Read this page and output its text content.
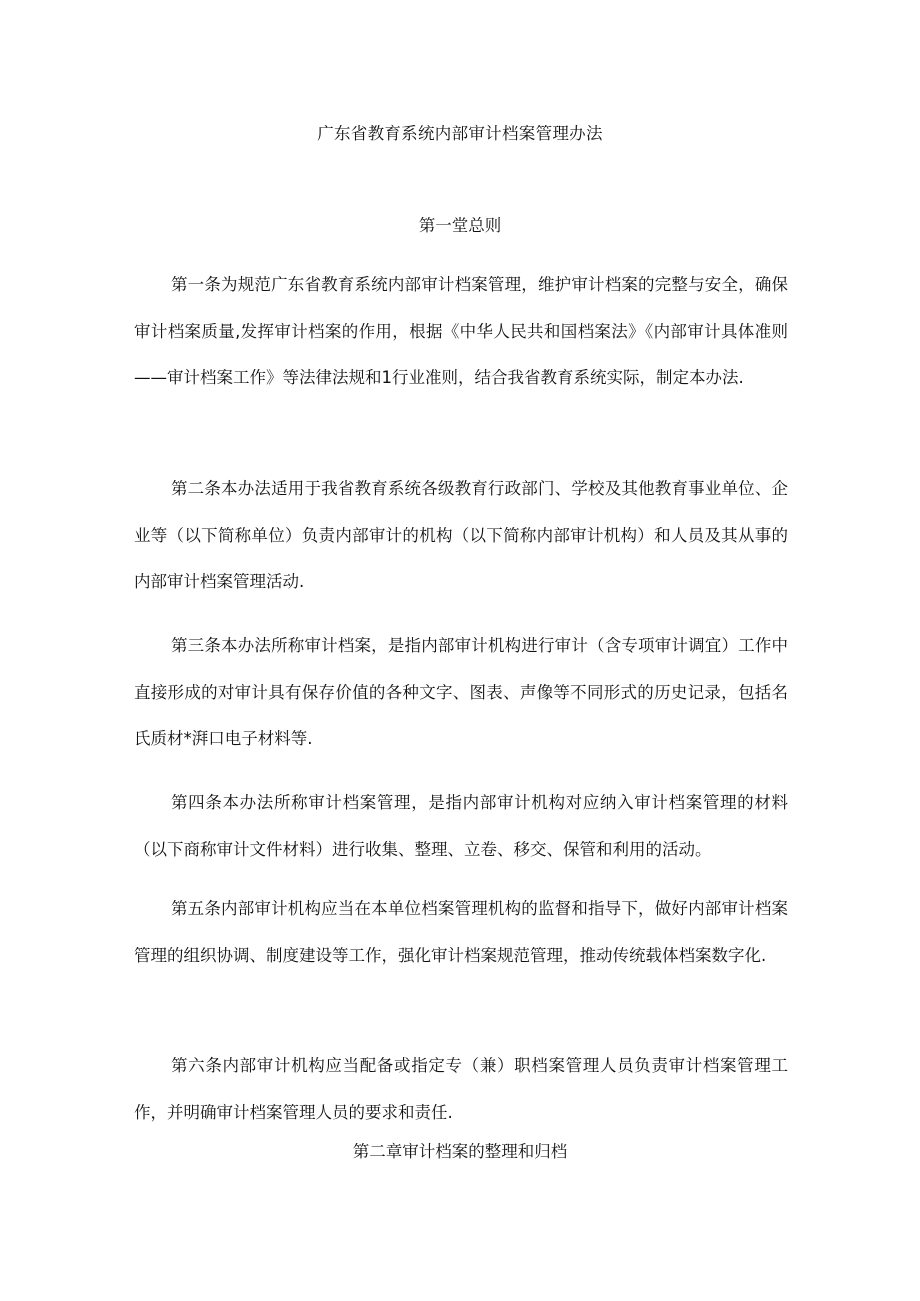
广东省教育系统内部审计档案管理办法
第一堂总则

第一条为规范广东省教育系统内部审计档案管理，维护审计档案的完整与安全，确保审计档案质量,发挥审计档案的作用，根据《中华人民共和国档案法》《内部审计具体准则——审计档案工作》等法律法规和1行业准则，结合我省教育系统实际，制定本办法.

第二条本办法适用于我省教育系统各级教育行政部门、学校及其他教育事业单位、企业等（以下简称单位）负责内部审计的机构（以下简称内部审计机构）和人员及其从事的内部审计档案管理活动.

第三条本办法所称审计档案，是指内部审计机构进行审计（含专项审计调宜）工作中直接形成的对审计具有保存价值的各种文字、图表、声像等不同形式的历史记录，包括名氏质材*湃口电子材料等.

第四条本办法所称审计档案管理，是指内部审计机构对应纳入审计档案管理的材料（以下商称审计文件材料）进行收集、整理、立卷、移交、保管和利用的活动。

第五条内部审计机构应当在本单位档案管理机构的监督和指导下，做好内部审计档案管理的组织协调、制度建设等工作，强化审计档案规范管理，推动传统载体档案数字化.

第六条内部审计机构应当配备或指定专（兼）职档案管理人员负责审计档案管理工作，并明确审计档案管理人员的要求和责任.

第二章审计档案的整理和归档
